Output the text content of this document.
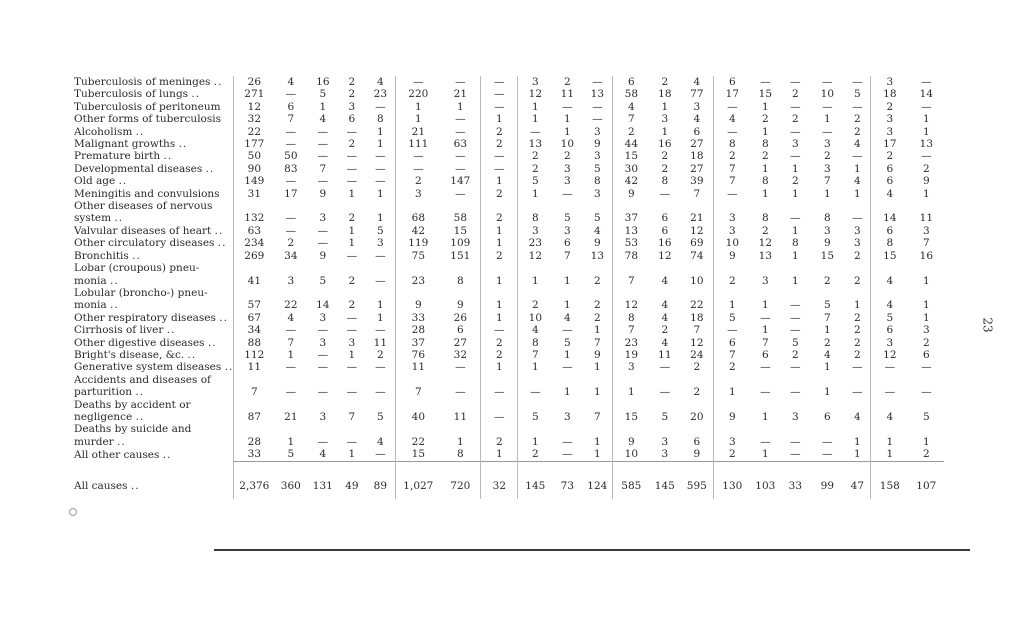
Tuberculosis of meninges ..	26	4	16	2	4	—	—	—	3	2	—	6	2	4	6	—	—	—	—	3	—
Tuberculosis of lungs ..	271	—	5	2	23	220	21	—	12	11	13	58	18	77	17	15	2	10	5	18	14
Tuberculosis of peritoneum	12	6	1	3	—	1	1	—	1	—	—	4	1	3	—	1	—	—	—	2	—
Other forms of tuberculosis	32	7	4	6	8	1	—	1	1	1	—	7	3	4	4	2	2	1	2	3	1
Alcoholism ..	22	—	—	—	1	21	—	2	—	1	3	2	1	6	—	1	—	—	2	3	1
Malignant growths ..	177	—	—	2	1	111	63	2	13	10	9	44	16	27	8	8	3	3	4	17	13
Premature birth ..	50	50	—	—	—	—	—	—	2	2	3	15	2	18	2	2	—	2	—	2	—
Developmental diseases ..	90	83	7	—	—	—	—	—	2	3	5	30	2	27	7	1	1	3	1	6	2
Old age ..	149	—	—	—	—	2	147	1	5	3	8	42	8	39	7	8	2	7	4	6	9
Meningitis and convulsions	31	17	9	1	1	3	—	2	1	—	3	9	—	7	—	1	1	1	1	4	1
Other diseases of nervous																					
system ..	132	—	3	2	1	68	58	2	8	5	5	37	6	21	3	8	—	8	—	14	11
Valvular diseases of heart ..	63	—	—	1	5	42	15	1	3	3	4	13	6	12	3	2	1	3	3	6	3
Other circulatory diseases ..	234	2	—	1	3	119	109	1	23	6	9	53	16	69	10	12	8	9	3	8	7
Bronchitis ..	269	34	9	—	—	75	151	2	12	7	13	78	12	74	9	13	1	15	2	15	16
Lobar (croupous) pneu-																					
monia ..	41	3	5	2	—	23	8	1	1	1	2	7	4	10	2	3	1	2	2	4	1
Lobular (broncho-) pneu-																					
monia ..	57	22	14	2	1	9	9	1	2	1	2	12	4	22	1	1	—	5	1	4	1
Other respiratory diseases ..	67	4	3	—	1	33	26	1	10	4	2	8	4	18	5	—	—	7	2	5	1
Cirrhosis of liver ..	34	—	—	—	—	28	6	—	4	—	1	7	2	7	—	1	—	1	2	6	3
Other digestive diseases ..	88	7	3	3	11	37	27	2	8	5	7	23	4	12	6	7	5	2	2	3	2
Bright's disease, &c. ..	112	1	—	1	2	76	32	2	7	1	9	19	11	24	7	6	2	4	2	12	6
Generative system diseases ..	11	—	—	—	—	11	—	1	1	—	1	3	—	2	2	—	—	1	—	—	—
Accidents and diseases of																					
parturition ..	7	—	—	—	—	7	—	—	—	1	1	1	—	2	1	—	—	1	—	—	—
Deaths by accident or																					
negligence ..	87	21	3	7	5	40	11	—	5	3	7	15	5	20	9	1	3	6	4	4	5
Deaths by suicide and																					
murder ..	28	1	—	—	4	22	1	2	1	—	1	9	3	6	3	—	—	—	1	1	1
All other causes ..	33	5	4	1	—	15	8	1	2	—	1	10	3	9	2	1	—	—	1	1	2
All causes ..	2,376	360	131	49	89	1,027	720	32	145	73	124	585	145	595	130	103	33	99	47	158	107
23
